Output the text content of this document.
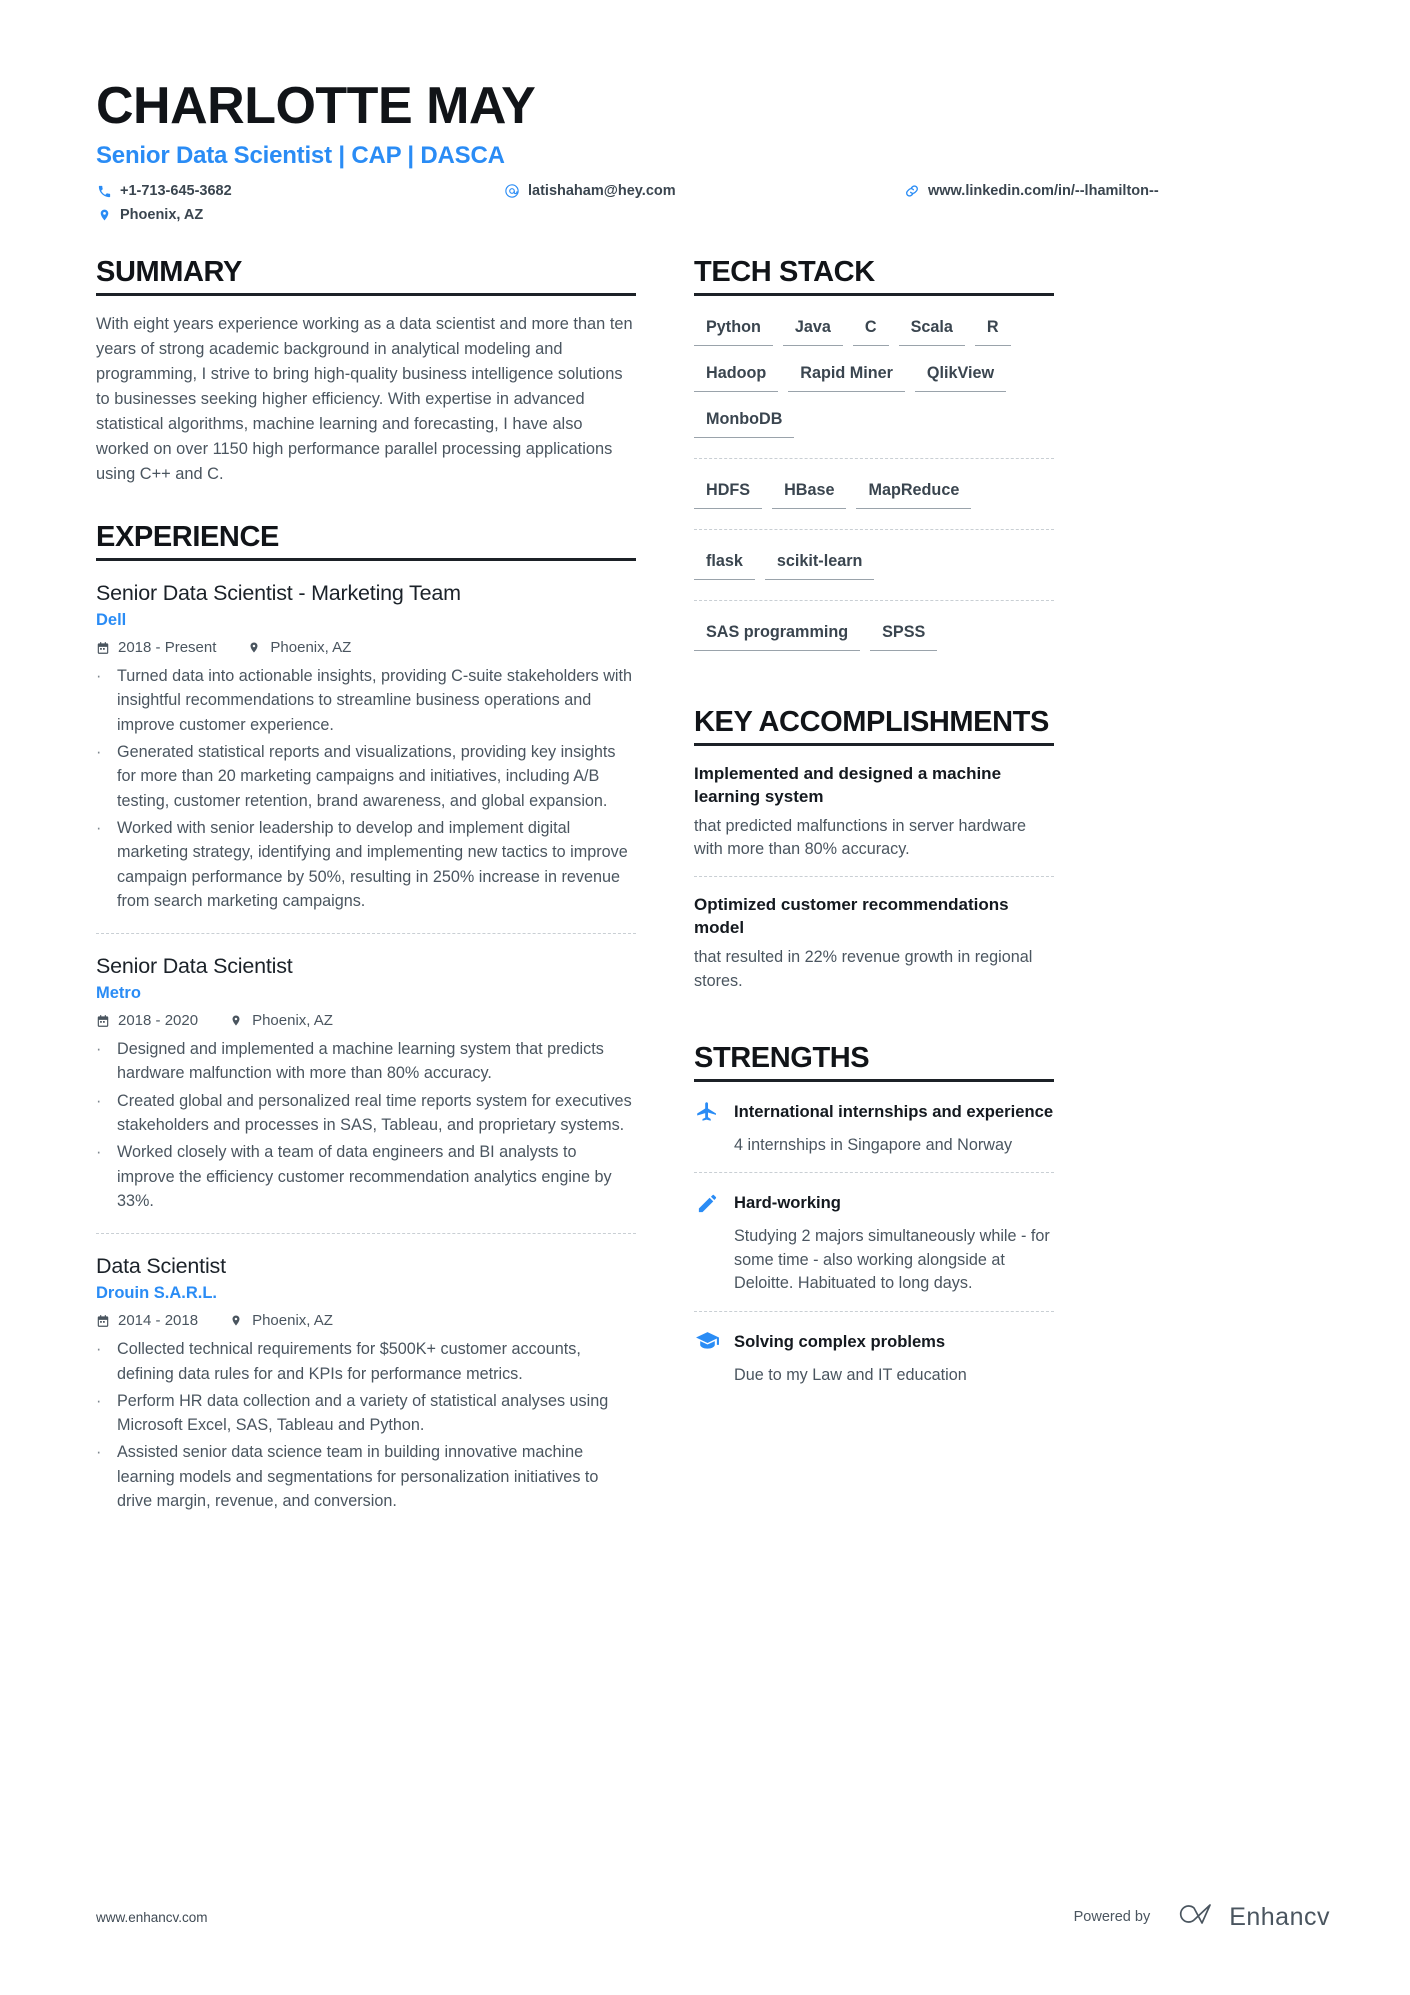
CHARLOTTE MAY
Senior Data Scientist | CAP | DASCA
+1-713-645-3682	latishaham@hey.com	www.linkedin.com/in/--lhamilton--
Phoenix, AZ
SUMMARY

With eight years experience working as a data scientist and more than ten years of strong academic background in analytical modeling and programming, I strive to bring high-quality business intelligence solutions to businesses seeking higher efficiency. With expertise in advanced statistical algorithms, machine learning and forecasting, I have also worked on over 1150 high performance parallel processing applications using C++ and C.

EXPERIENCE
Senior Data Scientist - Marketing Team
Dell
2018 - Present	Phoenix, AZ
· Turned data into actionable insights, providing C-suite stakeholders with insightful recommendations to streamline business operations and improve customer experience.
· Generated statistical reports and visualizations, providing key insights for more than 20 marketing campaigns and initiatives, including A/B testing, customer retention, brand awareness, and global expansion.
· Worked with senior leadership to develop and implement digital marketing strategy, identifying and implementing new tactics to improve campaign performance by 50%, resulting in 250% increase in revenue from search marketing campaigns.
Senior Data Scientist
Metro
2018 - 2020	Phoenix, AZ
· Designed and implemented a machine learning system that predicts hardware malfunction with more than 80% accuracy.
· Created global and personalized real time reports system for executives stakeholders and processes in SAS, Tableau, and proprietary systems.
· Worked closely with a team of data engineers and BI analysts to improve the efficiency customer recommendation analytics engine by 33%.
Data Scientist
Drouin S.A.R.L.
2014 - 2018	Phoenix, AZ
· Collected technical requirements for $500K+ customer accounts, defining data rules for and KPIs for performance metrics.
· Perform HR data collection and a variety of statistical analyses using Microsoft Excel, SAS, Tableau and Python.
· Assisted senior data science team in building innovative machine learning models and segmentations for personalization initiatives to drive margin, revenue, and conversion.
TECH STACK
Python	Java	C	Scala	R
Hadoop	Rapid Miner	QlikView
MonboDB
HDFS	HBase	MapReduce
flask	scikit-learn
SAS programming	SPSS
KEY ACCOMPLISHMENTS
Implemented and designed a machine learning system
that predicted malfunctions in server hardware with more than 80% accuracy.
Optimized customer recommendations model
that resulted in 22% revenue growth in regional stores.
STRENGTHS
International internships and experience
4 internships in Singapore and Norway
Hard-working
Studying 2 majors simultaneously while - for some time - also working alongside at Deloitte. Habituated to long days.
Solving complex problems
Due to my Law and IT education
www.enhancv.com	Powered by	Enhancv
